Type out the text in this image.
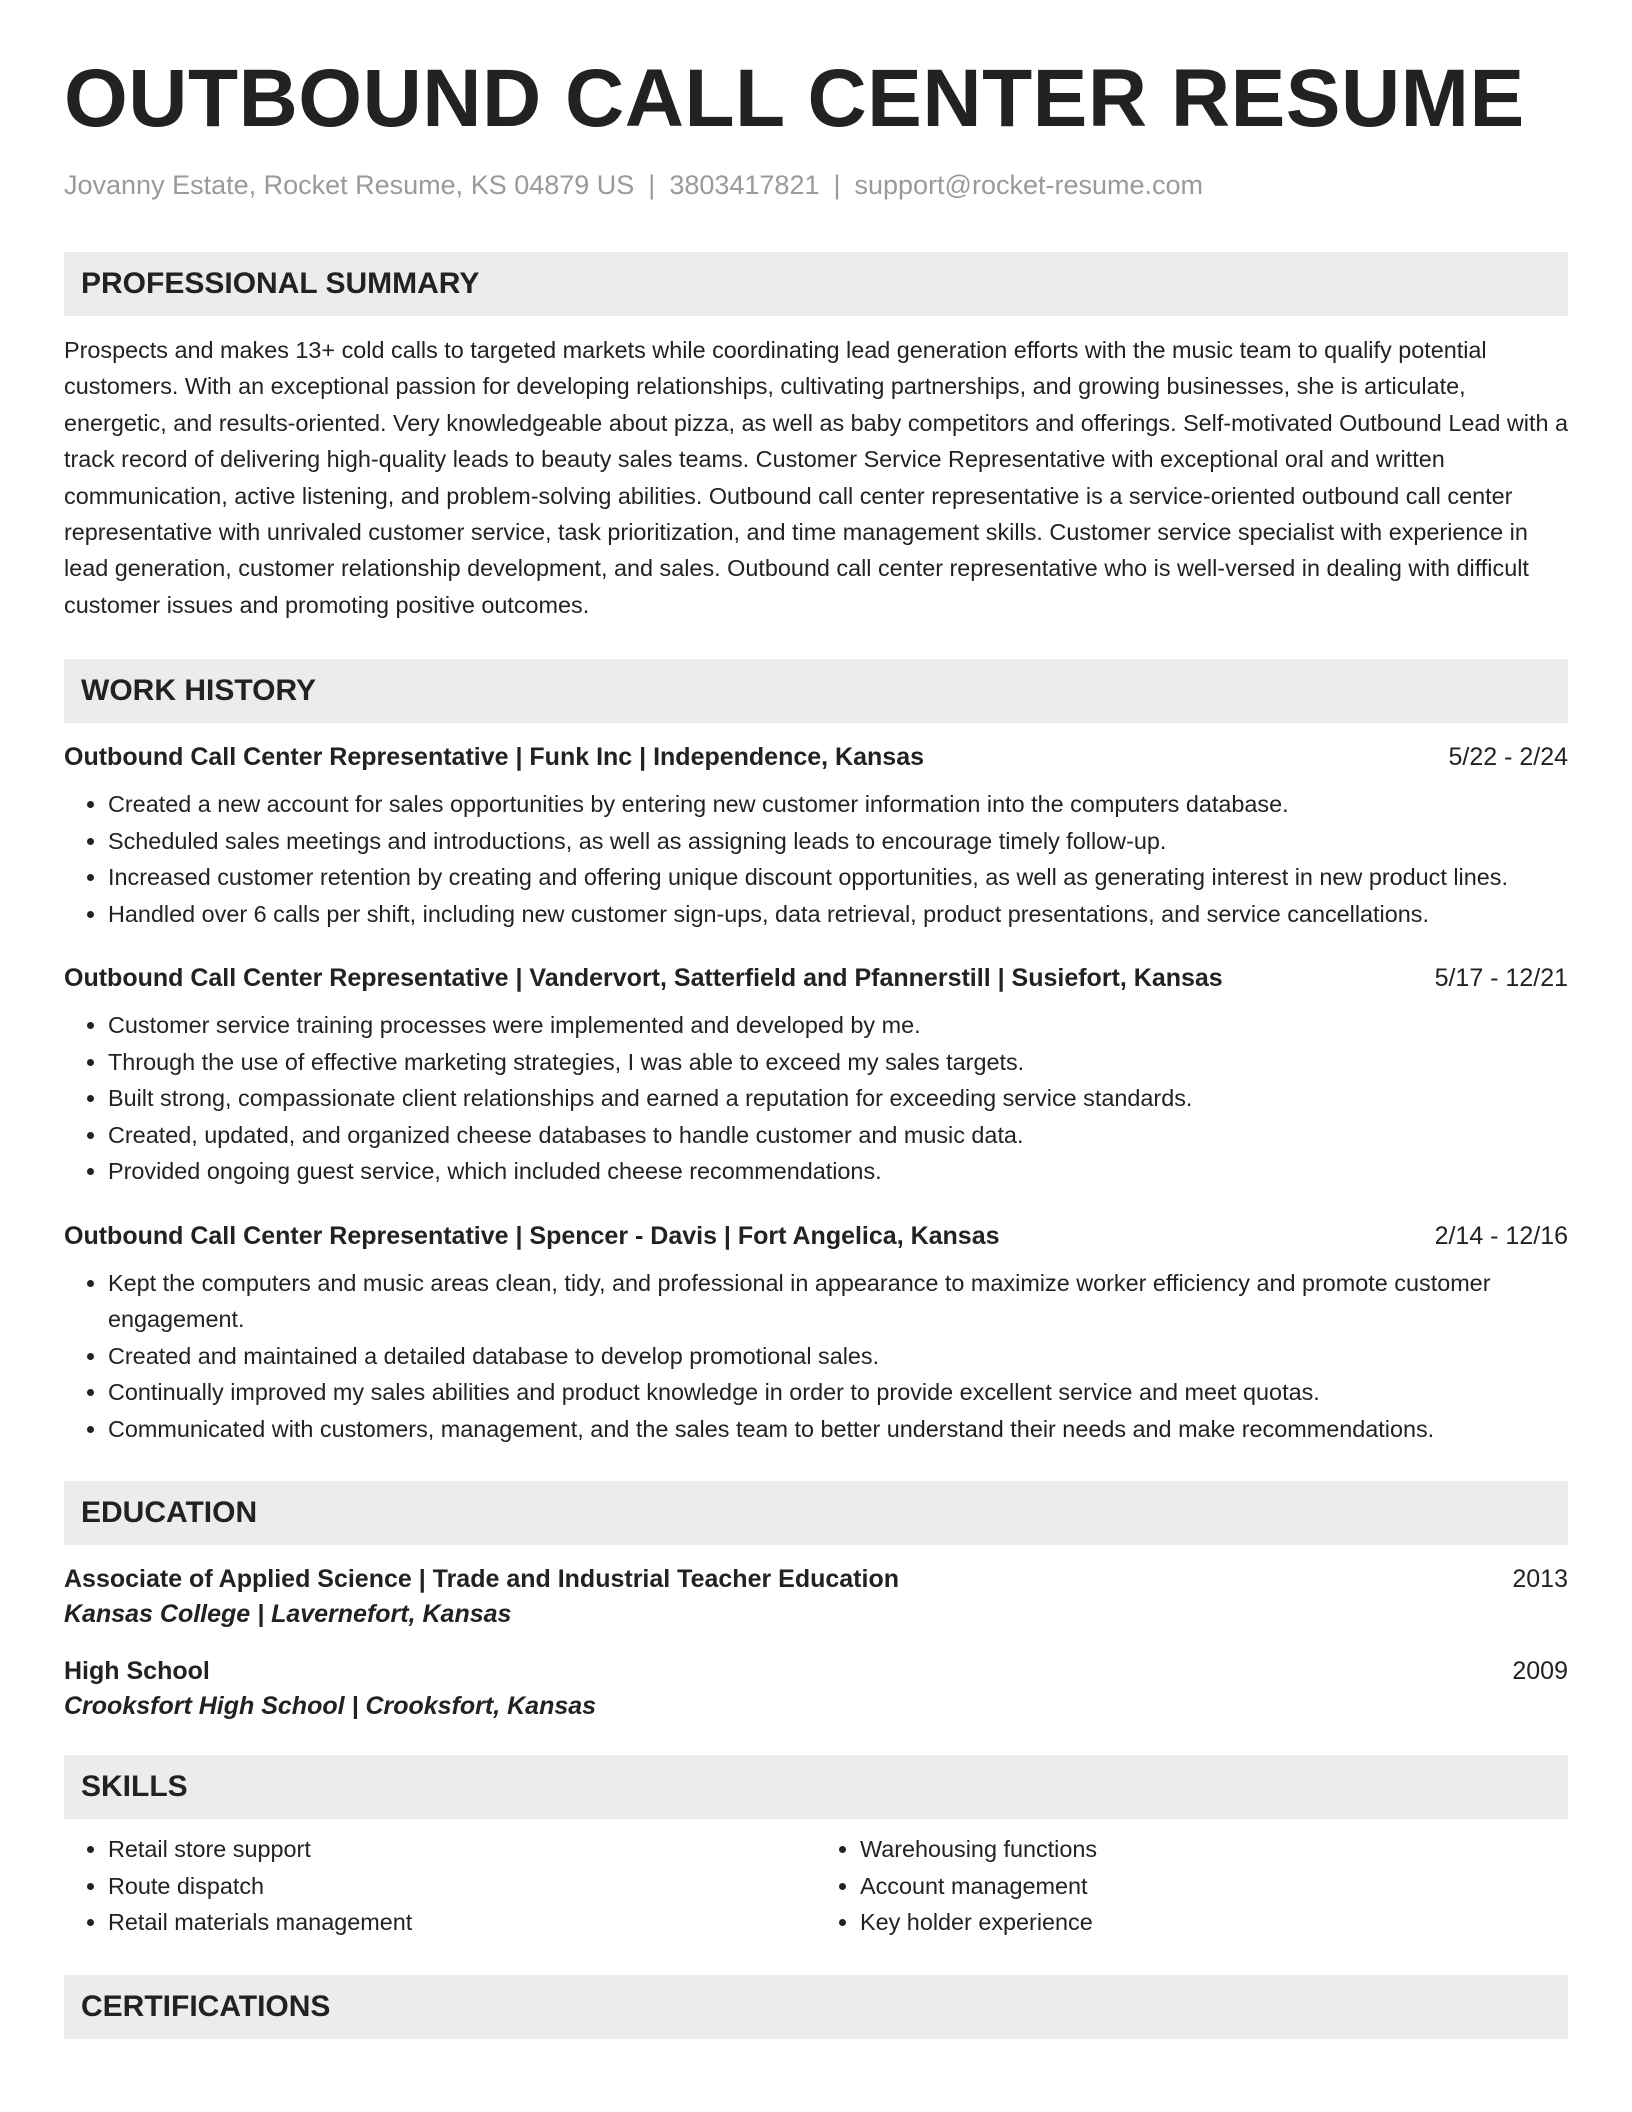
OUTBOUND CALL CENTER RESUME
Jovanny Estate, Rocket Resume, KS 04879 US | 3803417821 | support@rocket-resume.com
PROFESSIONAL SUMMARY
Prospects and makes 13+ cold calls to targeted markets while coordinating lead generation efforts with the music team to qualify potential customers. With an exceptional passion for developing relationships, cultivating partnerships, and growing businesses, she is articulate, energetic, and results-oriented. Very knowledgeable about pizza, as well as baby competitors and offerings. Self-motivated Outbound Lead with a track record of delivering high-quality leads to beauty sales teams. Customer Service Representative with exceptional oral and written communication, active listening, and problem-solving abilities. Outbound call center representative is a service-oriented outbound call center representative with unrivaled customer service, task prioritization, and time management skills. Customer service specialist with experience in lead generation, customer relationship development, and sales. Outbound call center representative who is well-versed in dealing with difficult customer issues and promoting positive outcomes.
WORK HISTORY
Outbound Call Center Representative | Funk Inc | Independence, Kansas	5/22 - 2/24
• Created a new account for sales opportunities by entering new customer information into the computers database.
• Scheduled sales meetings and introductions, as well as assigning leads to encourage timely follow-up.
• Increased customer retention by creating and offering unique discount opportunities, as well as generating interest in new product lines.
• Handled over 6 calls per shift, including new customer sign-ups, data retrieval, product presentations, and service cancellations.
Outbound Call Center Representative | Vandervort, Satterfield and Pfannerstill | Susiefort, Kansas	5/17 - 12/21
• Customer service training processes were implemented and developed by me.
• Through the use of effective marketing strategies, I was able to exceed my sales targets.
• Built strong, compassionate client relationships and earned a reputation for exceeding service standards.
• Created, updated, and organized cheese databases to handle customer and music data.
• Provided ongoing guest service, which included cheese recommendations.
Outbound Call Center Representative | Spencer - Davis | Fort Angelica, Kansas	2/14 - 12/16
• Kept the computers and music areas clean, tidy, and professional in appearance to maximize worker efficiency and promote customer engagement.
• Created and maintained a detailed database to develop promotional sales.
• Continually improved my sales abilities and product knowledge in order to provide excellent service and meet quotas.
• Communicated with customers, management, and the sales team to better understand their needs and make recommendations.
EDUCATION
Associate of Applied Science | Trade and Industrial Teacher Education	2013
Kansas College | Lavernefort, Kansas
High School	2009
Crooksfort High School | Crooksfort, Kansas
SKILLS
• Retail store support
• Route dispatch
• Retail materials management
• Warehousing functions
• Account management
• Key holder experience
CERTIFICATIONS
